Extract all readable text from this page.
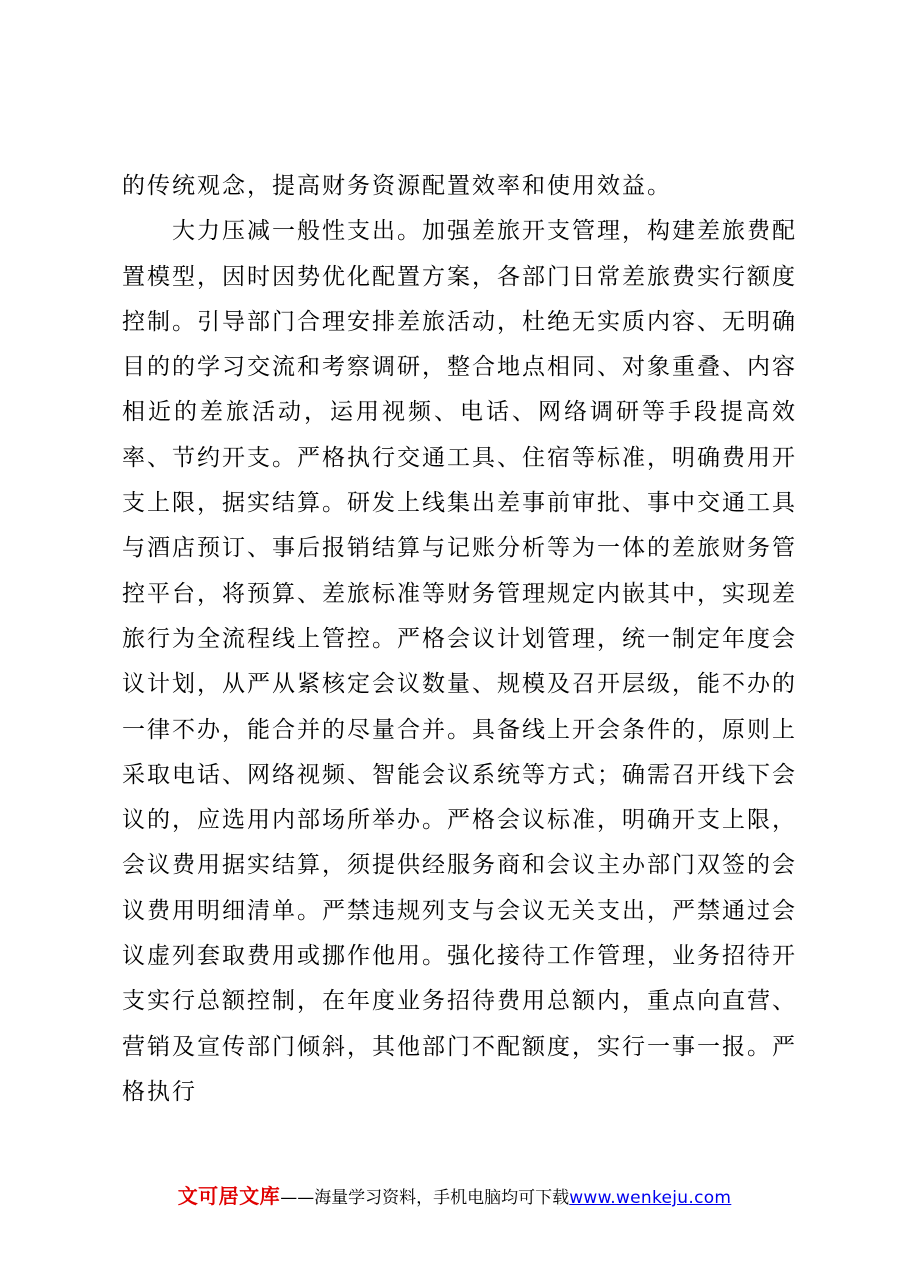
的传统观念，提高财务资源配置效率和使用效益。

大力压减一般性支出。加强差旅开支管理，构建差旅费配置模型，因时因势优化配置方案，各部门日常差旅费实行额度控制。引导部门合理安排差旅活动，杜绝无实质内容、无明确目的的学习交流和考察调研，整合地点相同、对象重叠、内容相近的差旅活动，运用视频、电话、网络调研等手段提高效率、节约开支。严格执行交通工具、住宿等标准，明确费用开支上限，据实结算。研发上线集出差事前审批、事中交通工具与酒店预订、事后报销结算与记账分析等为一体的差旅财务管控平台，将预算、差旅标准等财务管理规定内嵌其中，实现差旅行为全流程线上管控。严格会议计划管理，统一制定年度会议计划，从严从紧核定会议数量、规模及召开层级，能不办的一律不办，能合并的尽量合并。具备线上开会条件的，原则上采取电话、网络视频、智能会议系统等方式；确需召开线下会议的，应选用内部场所举办。严格会议标准，明确开支上限，会议费用据实结算，须提供经服务商和会议主办部门双签的会议费用明细清单。严禁违规列支与会议无关支出，严禁通过会议虚列套取费用或挪作他用。强化接待工作管理，业务招待开支实行总额控制，在年度业务招待费用总额内，重点向直营、营销及宣传部门倾斜，其他部门不配额度，实行一事一报。严格执行

文可居文库——海量学习资料，手机电脑均可下载www.wenkeju.com
